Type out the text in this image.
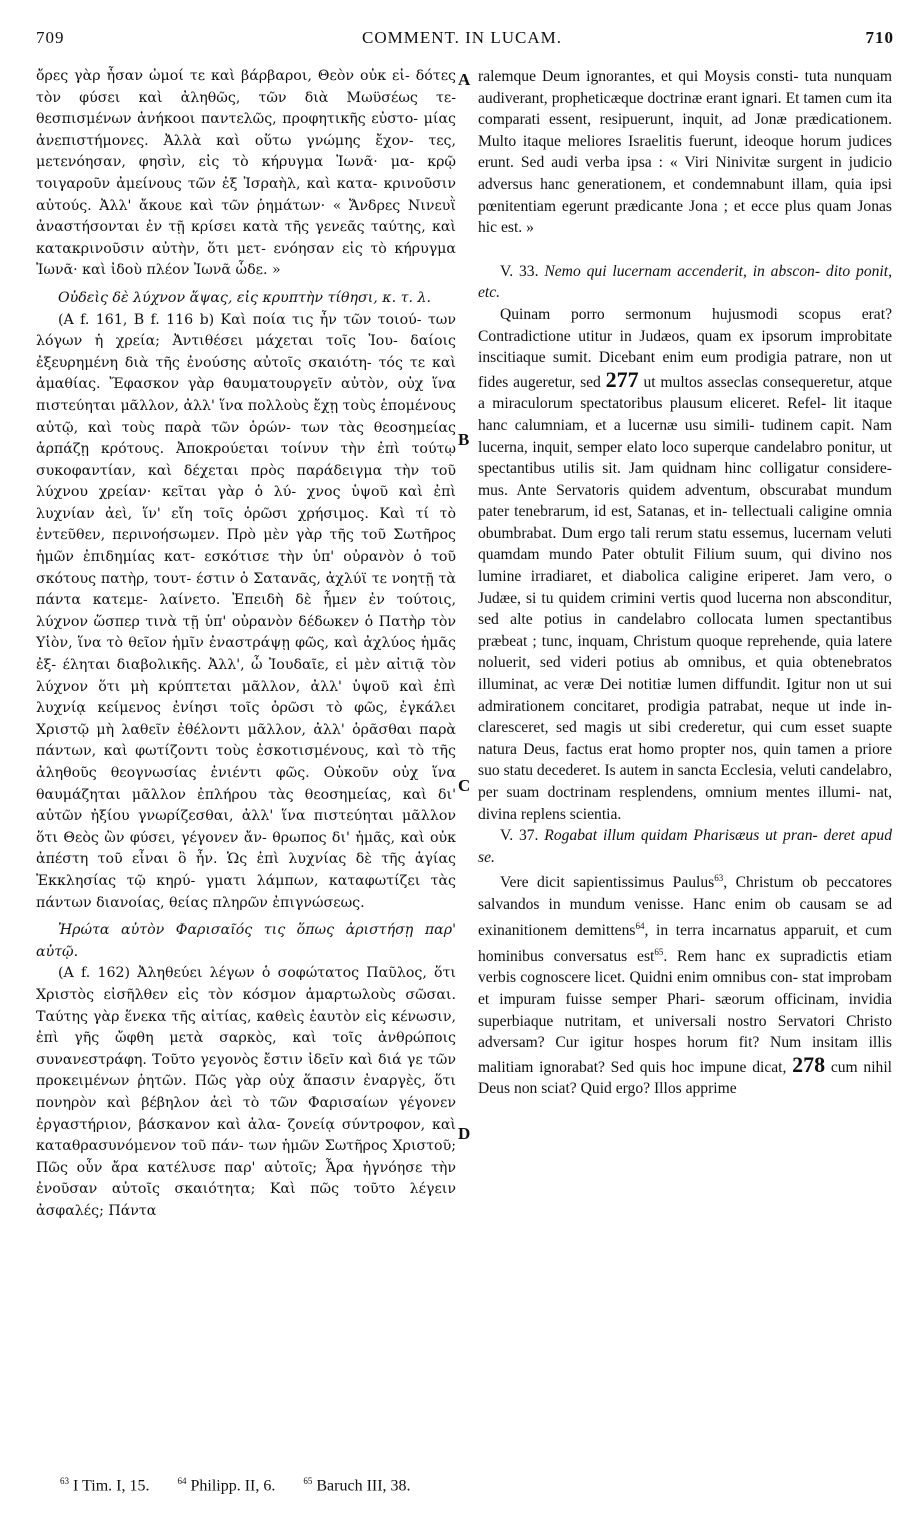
COMMENT. IN LUCAM.
709	710
A
B
C
D

ὄρες γὰρ ἦσαν ὠμοί τε καὶ βάρβαροι, Θεὸν οὐκ εἰ- δότες τὸν φύσει καὶ ἀληθῶς, τῶν διὰ Μωϋσέως τε- θεσπισμένων ἀνήκοοι παντελῶς, προφητικῆς εὐστο- μίας ἀνεπιστήμονες. Ἀλλὰ καὶ οὕτω γνώμης ἔχον- τες, μετενόησαν, φησὶν, εἰς τὸ κήρυγμα Ἰωνᾶ· μα- κρῷ τοιγαροῦν ἀμείνους τῶν ἐξ Ἰσραὴλ, καὶ κατα- κρινοῦσιν αὐτούς. Ἀλλ' ἄκουε καὶ τῶν ῥημάτων· « Ἄνδρες Νινευῒ ἀναστήσονται ἐν τῇ κρίσει κατὰ τῆς γενεᾶς ταύτης, καὶ κατακρινοῦσιν αὐτὴν, ὅτι μετ- ενόησαν εἰς τὸ κήρυγμα Ἰωνᾶ· καὶ ἰδοὺ πλέον Ἰωνᾶ ὧδε. »

Οὐδεὶς δὲ λύχνον ἅψας, εἰς κρυπτὴν τίθησι, κ. τ. λ.

(A f. 161, B f. 116 b) Καὶ ποία τις ἦν τῶν τοιού- των λόγων ἡ χρεία; Ἀντιθέσει μάχεται τοῖς Ἰου- δαίοις ἐξευρημένη διὰ τῆς ἐνούσης αὐτοῖς σκαιότη- τός τε καὶ ἀμαθίας. Ἔφασκον γὰρ θαυματουργεῖν αὐτὸν, οὐχ ἵνα πιστεύηται μᾶλλον, ἀλλ' ἵνα πολλοὺς ἔχῃ τοὺς ἑπομένους αὐτῷ, καὶ τοὺς παρὰ τῶν ὁρών- των τὰς θεοσημείας ἁρπάζῃ κρότους. Ἀποκρούεται τοίνυν τὴν ἐπὶ τούτῳ συκοφαντίαν, καὶ δέχεται πρὸς παράδειγμα τὴν τοῦ λύχνου χρείαν· κεῖται γὰρ ὁ λύ- χνος ὑψοῦ καὶ ἐπὶ λυχνίαν ἀεὶ, ἵν' εἴη τοῖς ὁρῶσι χρήσιμος. Καὶ τί τὸ ἐντεῦθεν, περινοήσωμεν. Πρὸ μὲν γὰρ τῆς τοῦ Σωτῆρος ἡμῶν ἐπιδημίας κατ- εσκότισε τὴν ὑπ' οὐρανὸν ὁ τοῦ σκότους πατὴρ, τουτ- έστιν ὁ Σατανᾶς, ἀχλύϊ τε νοητῇ τὰ πάντα κατεμε- λαίνετο. Ἐπειδὴ δὲ ἦμεν ἐν τούτοις, λύχνον ὥσπερ τινὰ τῇ ὑπ' οὐρανὸν δέδωκεν ὁ Πατὴρ τὸν Υἱὸν, ἵνα τὸ θεῖον ἡμῖν ἐναστράψῃ φῶς, καὶ ἀχλύος ἡμᾶς ἐξ- έληται διαβολικῆς. Ἀλλ', ὦ Ἰουδαῖε, εἰ μὲν αἰτιᾷ τὸν λύχνον ὅτι μὴ κρύπτεται μᾶλλον, ἀλλ' ὑψοῦ καὶ ἐπὶ λυχνίᾳ κείμενος ἐνίησι τοῖς ὁρῶσι τὸ φῶς, ἐγκάλει Χριστῷ μὴ λαθεῖν ἐθέλοντι μᾶλλον, ἀλλ' ὁρᾶσθαι παρὰ πάντων, καὶ φωτίζοντι τοὺς ἐσκοτισμένους, καὶ τὸ τῆς ἀληθοῦς θεογνωσίας ἐνιέντι φῶς. Οὐκοῦν οὐχ ἵνα θαυμάζηται μᾶλλον ἐπλήρου τὰς θεοσημείας, καὶ δι' αὐτῶν ἠξίου γνωρίζεσθαι, ἀλλ' ἵνα πιστεύηται μᾶλλον ὅτι Θεὸς ὢν φύσει, γέγονεν ἄν- θρωπος δι' ἡμᾶς, καὶ οὐκ ἀπέστη τοῦ εἶναι ὃ ἦν. Ὡς ἐπὶ λυχνίας δὲ τῆς ἁγίας Ἐκκλησίας τῷ κηρύ- γματι λάμπων, καταφωτίζει τὰς πάντων διανοίας, θείας πληρῶν ἐπιγνώσεως.

Ἠρώτα αὐτὸν Φαρισαῖός τις ὅπως ἀριστήσῃ παρ' αὐτῷ.

(A f. 162) Ἀληθεύει λέγων ὁ σοφώτατος Παῦλος, ὅτι Χριστὸς εἰσῆλθεν εἰς τὸν κόσμον ἁμαρτωλοὺς σῶσαι. Ταύτης γὰρ ἕνεκα τῆς αἰτίας, καθεὶς ἑαυτὸν εἰς κένωσιν, ἐπὶ γῆς ὤφθη μετὰ σαρκὸς, καὶ τοῖς ἀνθρώποις συνανεστράφη. Τοῦτο γεγονὸς ἔστιν ἰδεῖν καὶ διά γε τῶν προκειμένων ῥητῶν. Πῶς γὰρ οὐχ ἅπασιν ἐναργὲς, ὅτι πονηρὸν καὶ βέβηλον ἀεὶ τὸ τῶν Φαρισαίων γέγονεν ἐργαστήριον, βάσκανον καὶ ἀλα- ζονείᾳ σύντροφον, καὶ καταθρασυνόμενον τοῦ πάν- των ἡμῶν Σωτῆρος Χριστοῦ; Πῶς οὖν ἄρα κατέλυσε παρ' αὐτοῖς; Ἆρα ἠγνόησε τὴν ἐνοῦσαν αὐτοῖς σκαιότητα; Καὶ πῶς τοῦτο λέγειν ἀσφαλές; Πάντα

ralemque Deum ignorantes, et qui Moysis consti- tuta nunquam audiverant, propheticæque doctrinæ erant ignari. Et tamen cum ita comparati essent, resipuerunt, inquit, ad Jonæ prædicationem. Multo itaque meliores Israelitis fuerunt, ideoque horum judices erunt. Sed audi verba ipsa : « Viri Ninivitæ surgent in judicio adversus hanc generationem, et condemnabunt illam, quia ipsi pœnitentiam egerunt prædicante Jona ; et ecce plus quam Jonas hic est. »

V. 33. Nemo qui lucernam accenderit, in abscon- dito ponit, etc.

Quinam porro sermonum hujusmodi scopus erat? Contradictione utitur in Judæos, quam ex ipsorum improbitate inscitiaque sumit. Dicebant enim eum prodigia patrare, non ut fides augeretur, sed 277 ut multos asseclas consequeretur, atque a miraculorum spectatoribus plausum eliceret. Refel- lit itaque hanc calumniam, et a lucernæ usu simili- tudinem capit. Nam lucerna, inquit, semper elato loco superque candelabro ponitur, ut spectantibus utilis sit. Jam quidnam hinc colligatur considere- mus. Ante Servatoris quidem adventum, obscurabat mundum pater tenebrarum, id est, Satanas, et in- tellectuali caligine omnia obumbrabat. Dum ergo tali rerum statu essemus, lucernam veluti quamdam mundo Pater obtulit Filium suum, qui divino nos lumine irradiaret, et diabolica caligine eriperet. Jam vero, o Judæe, si tu quidem crimini vertis quod lucerna non absconditur, sed alte potius in candelabro collocata lumen spectantibus præbeat ; tunc, inquam, Christum quoque reprehende, quia latere noluerit, sed videri potius ab omnibus, et quia obtenebratos illuminat, ac veræ Dei notitiæ lumen diffundit. Igitur non ut sui admirationem concitaret, prodigia patrabat, neque ut inde in- claresceret, sed magis ut sibi crederetur, qui cum esset suapte natura Deus, factus erat homo propter nos, quin tamen a priore suo statu decederet. Is autem in sancta Ecclesia, veluti candelabro, per suam doctrinam resplendens, omnium mentes illumi- nat, divina replens scientia.

V. 37. Rogabat illum quidam Pharisæus ut pran- deret apud se.

Vere dicit sapientissimus Paulus$^{63}$, Christum ob peccatores salvandos in mundum venisse. Hanc enim ob causam se ad exinanitionem demittens$^{64}$, in terra incarnatus apparuit, et cum hominibus conversatus est$^{65}$. Rem hanc ex supradictis etiam verbis cognoscere licet. Quidni enim omnibus con- stat improbam et impuram fuisse semper Phari- sæorum officinam, invidia superbiaque nutritam, et universali nostro Servatori Christo adversam? Cur igitur hospes horum fit? Num insitam illis malitiam ignorabat? Sed quis hoc impune dicat, 278 cum nihil Deus non sciat? Quid ergo? Illos apprime

$^{63}$ I Tim. I, 15.	$^{64}$ Philipp. II, 6.	$^{65}$ Baruch III, 38.
